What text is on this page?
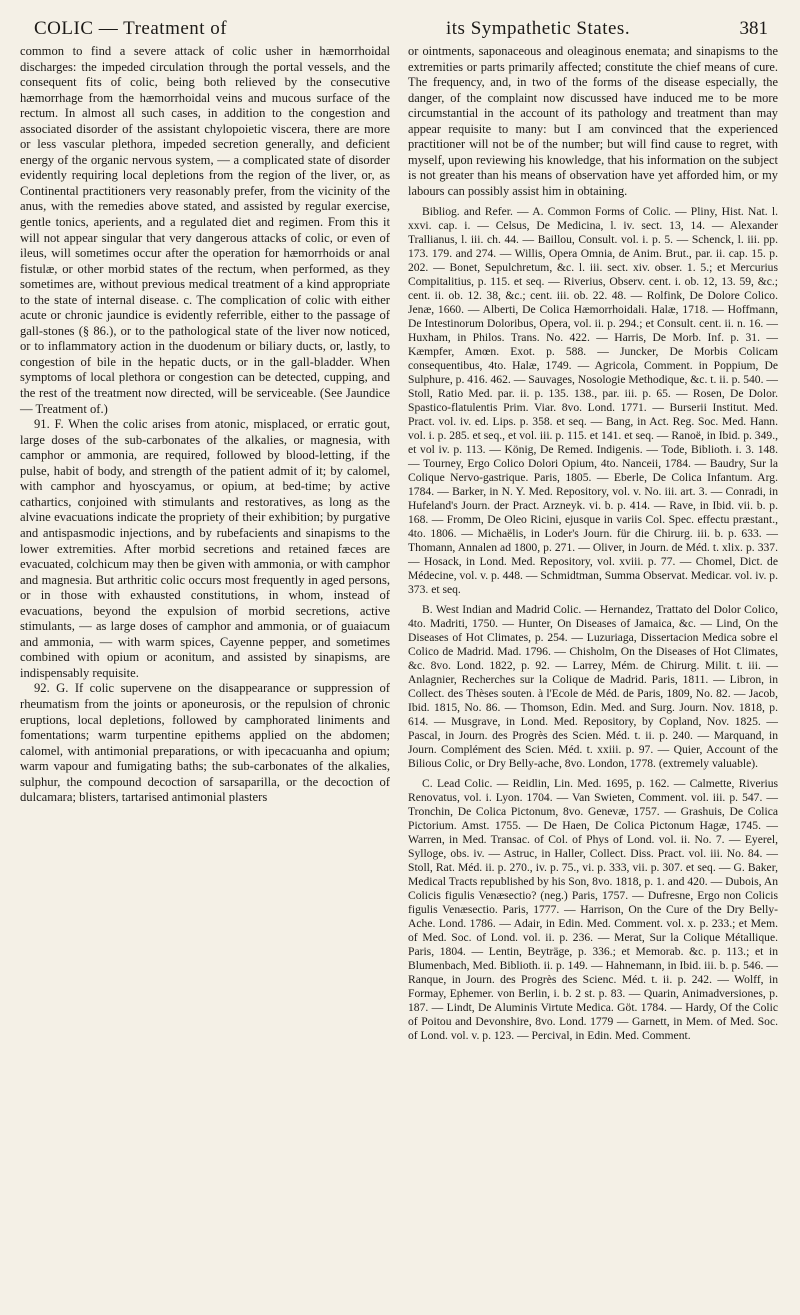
COLIC — Treatment of	its Sympathetic States.	381

common to find a severe attack of colic usher in hæmorrhoidal discharges: the impeded circulation through the portal vessels, and the consequent fits of colic, being both relieved by the consecutive hæmorrhage from the hæmorrhoidal veins and mucous surface of the rectum. In almost all such cases, in addition to the congestion and associated disorder of the assistant chylopoietic viscera, there are more or less vascular plethora, impeded secretion generally, and deficient energy of the organic nervous system, — a complicated state of disorder evidently requiring local depletions from the region of the liver, or, as Continental practitioners very reasonably prefer, from the vicinity of the anus, with the remedies above stated, and assisted by regular exercise, gentle tonics, aperients, and a regulated diet and regimen. From this it will not appear singular that very dangerous attacks of colic, or even of ileus, will sometimes occur after the operation for hæmorrhoids or anal fistulæ, or other morbid states of the rectum, when performed, as they sometimes are, without previous medical treatment of a kind appropriate to the state of internal disease. c. The complication of colic with either acute or chronic jaundice is evidently referrible, either to the passage of gall-stones (§ 86.), or to the pathological state of the liver now noticed, or to inflammatory action in the duodenum or biliary ducts, or, lastly, to congestion of bile in the hepatic ducts, or in the gall-bladder. When symptoms of local plethora or congestion can be detected, cupping, and the rest of the treatment now directed, will be serviceable. (See Jaundice — Treatment of.)

91. F. When the colic arises from atonic, misplaced, or erratic gout, large doses of the sub-carbonates of the alkalies, or magnesia, with camphor or ammonia, are required, followed by blood-letting, if the pulse, habit of body, and strength of the patient admit of it; by calomel, with camphor and hyoscyamus, or opium, at bed-time; by active cathartics, conjoined with stimulants and restoratives, as long as the alvine evacuations indicate the propriety of their exhibition; by purgative and antispasmodic injections, and by rubefacients and sinapisms to the lower extremities. After morbid secretions and retained fæces are evacuated, colchicum may then be given with ammonia, or with camphor and magnesia. But arthritic colic occurs most frequently in aged persons, or in those with exhausted constitutions, in whom, instead of evacuations, beyond the expulsion of morbid secretions, active stimulants, — as large doses of camphor and ammonia, or of guaiacum and ammonia, — with warm spices, Cayenne pepper, and sometimes combined with opium or aconitum, and assisted by sinapisms, are indispensably requisite.

92. G. If colic supervene on the disappearance or suppression of rheumatism from the joints or aponeurosis, or the repulsion of chronic eruptions, local depletions, followed by camphorated liniments and fomentations; warm turpentine epithems applied on the abdomen; calomel, with antimonial preparations, or with ipecacuanha and opium; warm vapour and fumigating baths; the sub-carbonates of the alkalies, sulphur, the compound decoction of sarsaparilla, or the decoction of dulcamara; blisters, tartarised antimonial plasters

or ointments, saponaceous and oleaginous enemata; and sinapisms to the extremities or parts primarily affected; constitute the chief means of cure. The frequency, and, in two of the forms of the disease especially, the danger, of the complaint now discussed have induced me to be more circumstantial in the account of its pathology and treatment than may appear requisite to many: but I am convinced that the experienced practitioner will not be of the number; but will find cause to regret, with myself, upon reviewing his knowledge, that his information on the subject is not greater than his means of observation have yet afforded him, or my labours can possibly assist him in obtaining.

Bibliog. and Refer. — A. Common Forms of Colic. — Pliny, Hist. Nat. l. xxvi. cap. i. — Celsus, De Medicina, l. iv. sect. 13, 14. — Alexander Trallianus, l. iii. ch. 44. — Baillou, Consult. vol. i. p. 5. — Schenck, l. iii. pp. 173. 179. and 274. — Willis, Opera Omnia, de Anim. Brut., par. ii. cap. 15. p. 202. — Bonet, Sepulchretum, &c. l. iii. sect. xiv. obser. 1. 5.; et Mercurius Compitalitius, p. 115. et seq. — Riverius, Observ. cent. i. ob. 12, 13. 59, &c.; cent. ii. ob. 12. 38, &c.; cent. iii. ob. 22. 48. — Rolfink, De Dolore Colico. Jenæ, 1660. — Alberti, De Colica Hæmorrhoidali. Halæ, 1718. — Hoffmann, De Intestinorum Doloribus, Opera, vol. ii. p. 294.; et Consult. cent. ii. n. 16. — Huxham, in Philos. Trans. No. 422. — Harris, De Morb. Inf. p. 31. — Kæmpfer, Amœn. Exot. p. 588. — Juncker, De Morbis Colicam consequentibus, 4to. Halæ, 1749. — Agricola, Comment. in Poppium, De Sulphure, p. 416. 462. — Sauvages, Nosologie Methodique, &c. t. ii. p. 540. — Stoll, Ratio Med. par. ii. p. 135. 138., par. iii. p. 65. — Rosen, De Dolor. Spastico-flatulentis Prim. Viar. 8vo. Lond. 1771. — Burserii Institut. Med. Pract. vol. iv. ed. Lips. p. 358. et seq. — Bang, in Act. Reg. Soc. Med. Hann. vol. i. p. 285. et seq., et vol. iii. p. 115. et 141. et seq. — Ranoë, in Ibid. p. 349., et vol iv. p. 113. — König, De Remed. Indigenis. — Tode, Biblioth. i. 3. 148. — Tourney, Ergo Colico Dolori Opium, 4to. Nanceii, 1784. — Baudry, Sur la Colique Nervo-gastrique. Paris, 1805. — Eberle, De Colica Infantum. Arg. 1784. — Barker, in N. Y. Med. Repository, vol. v. No. iii. art. 3. — Conradi, in Hufeland's Journ. der Pract. Arzneyk. vi. b. p. 414. — Rave, in Ibid. vii. b. p. 168. — Fromm, De Oleo Ricini, ejusque in variis Col. Spec. effectu præstant., 4to. 1806. — Michaëlis, in Loder's Journ. für die Chirurg. iii. b. p. 633. — Thomann, Annalen ad 1800, p. 271. — Oliver, in Journ. de Méd. t. xlix. p. 337. — Hosack, in Lond. Med. Repository, vol. xviii. p. 77. — Chomel, Dict. de Médecine, vol. v. p. 448. — Schmidtman, Summa Observat. Medicar. vol. iv. p. 373. et seq.

B. West Indian and Madrid Colic. — Hernandez, Trattato del Dolor Colico, 4to. Madriti, 1750. — Hunter, On Diseases of Jamaica, &c. — Lind, On the Diseases of Hot Climates, p. 254. — Luzuriaga, Dissertacion Medica sobre el Colico de Madrid. Mad. 1796. — Chisholm, On the Diseases of Hot Climates, &c. 8vo. Lond. 1822, p. 92. — Larrey, Mém. de Chirurg. Milit. t. iii. — Anlagnier, Recherches sur la Colique de Madrid. Paris, 1811. — Libron, in Collect. des Thèses souten. à l'Ecole de Méd. de Paris, 1809, No. 82. — Jacob, Ibid. 1815, No. 86. — Thomson, Edin. Med. and Surg. Journ. Nov. 1818, p. 614. — Musgrave, in Lond. Med. Repository, by Copland, Nov. 1825. — Pascal, in Journ. des Progrès des Scien. Méd. t. ii. p. 240. — Marquand, in Journ. Complément des Scien. Méd. t. xxiii. p. 97. — Quier, Account of the Bilious Colic, or Dry Belly-ache, 8vo. London, 1778. (extremely valuable).

C. Lead Colic. — Reidlin, Lin. Med. 1695, p. 162. — Calmette, Riverius Renovatus, vol. i. Lyon. 1704. — Van Swieten, Comment. vol. iii. p. 547. — Tronchin, De Colica Pictonum, 8vo. Genevæ, 1757. — Grashuis, De Colica Pictorium. Amst. 1755. — De Haen, De Colica Pictonum Hagæ, 1745. — Warren, in Med. Transac. of Col. of Phys of Lond. vol. ii. No. 7. — Eyerel, Sylloge, obs. iv. — Astruc, in Haller, Collect. Diss. Pract. vol. iii. No. 84. — Stoll, Rat. Méd. ii. p. 270., iv. p. 75., vi. p. 333, vii. p. 307. et seq. — G. Baker, Medical Tracts republished by his Son, 8vo. 1818, p. 1. and 420. — Dubois, An Colicis figulis Venæsectio? (neg.) Paris, 1757. — Dufresne, Ergo non Colicis figulis Venæsectio. Paris, 1777. — Harrison, On the Cure of the Dry Belly-Ache. Lond. 1786. — Adair, in Edin. Med. Comment. vol. x. p. 233.; et Mem. of Med. Soc. of Lond. vol. ii. p. 236. — Merat, Sur la Colique Métallique. Paris, 1804. — Lentin, Beyträge, p. 336.; et Memorab. &c. p. 113.; et in Blumenbach, Med. Biblioth. ii. p. 149. — Hahnemann, in Ibid. iii. b. p. 546. — Ranque, in Journ. des Progrès des Scienc. Méd. t. ii. p. 242. — Wolff, in Formay, Ephemer. von Berlin, i. b. 2 st. p. 83. — Quarin, Animadversiones, p. 187. — Lindt, De Aluminis Virtute Medica. Göt. 1784. — Hardy, Of the Colic of Poitou and Devonshire, 8vo. Lond. 1779 — Garnett, in Mem. of Med. Soc. of Lond. vol. v. p. 123. — Percival, in Edin. Med. Comment.
